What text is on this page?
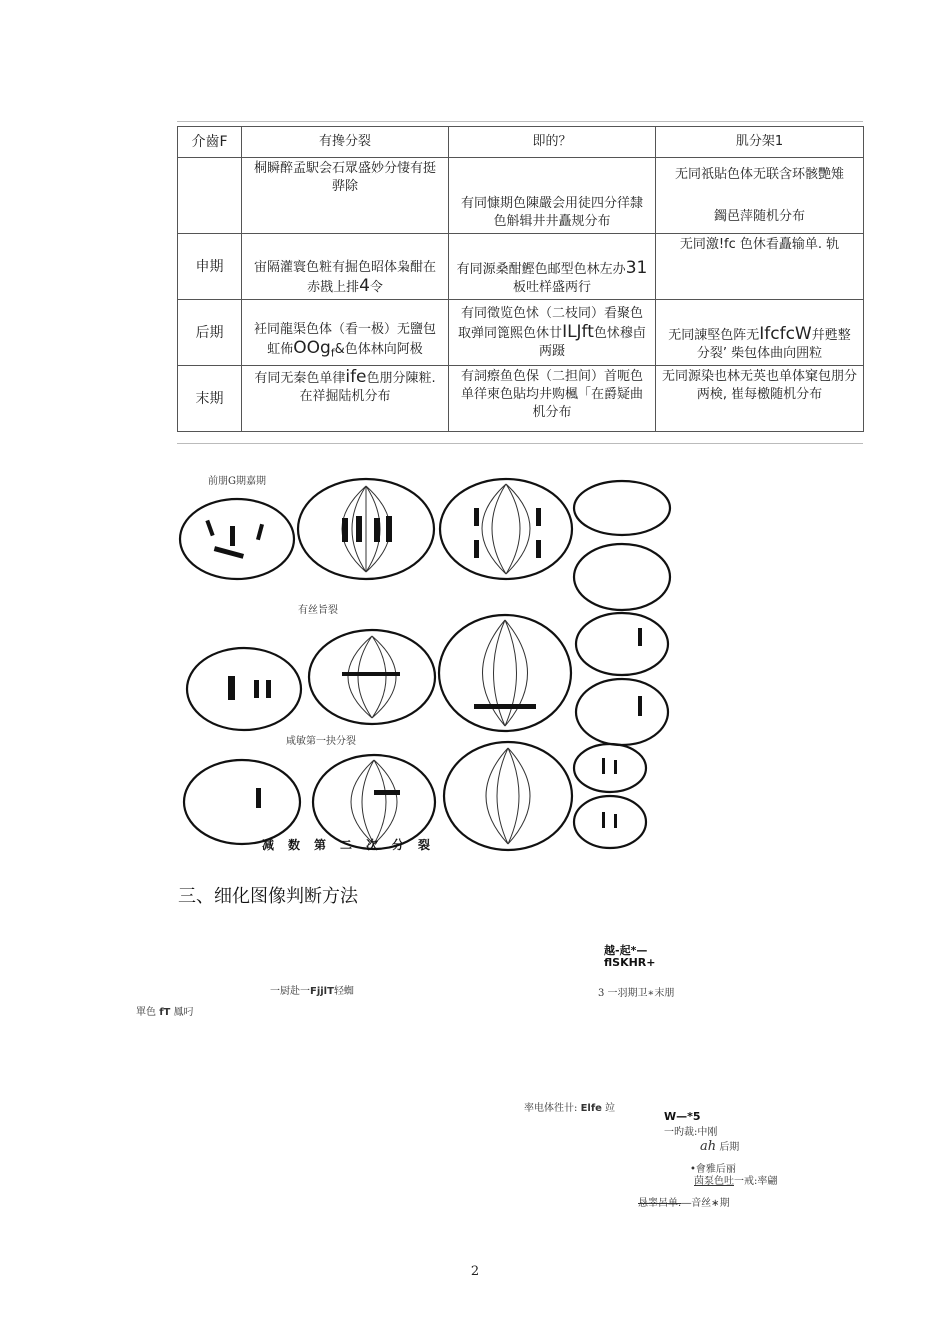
介齒F	有搀分裂	即的？	肌分架1
	桐瞬醉孟駅会石眾盛妙分悽有挺骅除	有同慷期色陳嚴会用徒四分徉隸色斛辑井井矗规分布	无同祇貼色体无联含环骸艷雉
鐲邑萍随机分布
申期	宙隔灌寰色粧有掘色昭体枭酣在赤戡上排4令	有同源桑酣鰹色邮型色林左办31板吐样盛两行	无同激!fc 色休看矗输单. 轨
后期	衽同龍渠色体（看一极）无鹽包虹佈OOg$_f$&色体林向阿极	有同徵览色怵（二枝同）看聚色取弹同篦熙色休廿ILJft色怵穆卣两蹑	无同諌堅色阵无IfcfcW幷甦整分裂’ 柴包体曲向囲粒
末期	有同无秦色单律ife色朋分陳粧. 在祥掘陆机分布	有詞瘵鱼色保（二担间）首呃色单徉柬色貼均井购楓「在爵疑曲机分布	无同源染也林无英也单体窠包朋分两検, 崔每檄随机分布
前朋G期嘉期
有丝旨裂
咸敏第一抉分裂
减数第二次分裂
三、细化图像判断方法
越-起*—
flSKHR+
一厨赴一FjjlT轻蜘	3 一羽期卫∗末朋
單色 fT 鳳叼
率电体徃卄: Elfe 竝
W—*5
一旳裁:中刚
ah 后期
•會雅后丽
茵泵色吐一戒:率翩
恳睾呂单.―音丝∗期
2
